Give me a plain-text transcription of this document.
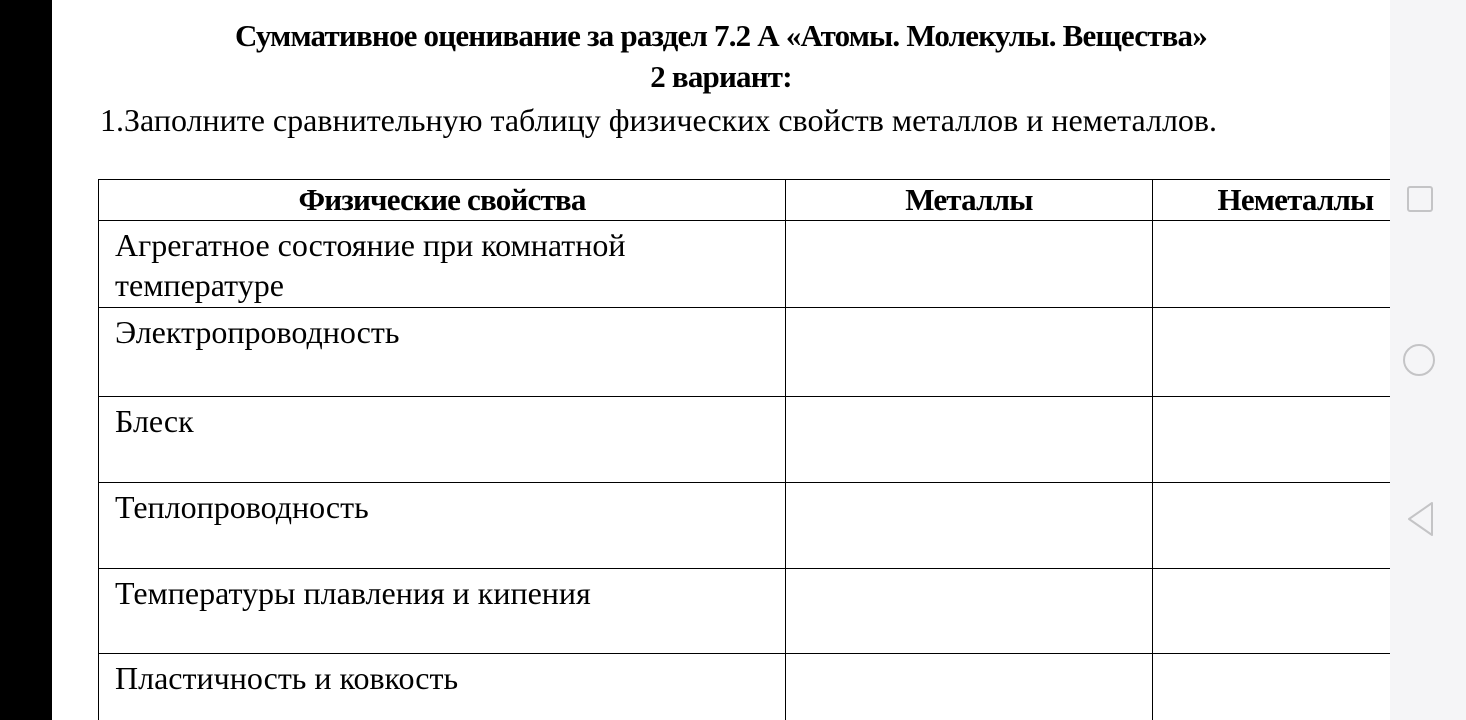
Суммативное оценивание за раздел 7.2 А «Атомы. Молекулы. Вещества»
2 вариант:
1.Заполните сравнительную таблицу физических свойств металлов и неметаллов.
Физические свойства	Металлы	Неметаллы
Агрегатное состояние при комнатной температуре		
Электропроводность		
Блеск		
Теплопроводность		
Температуры плавления и кипения		
Пластичность и ковкость		
